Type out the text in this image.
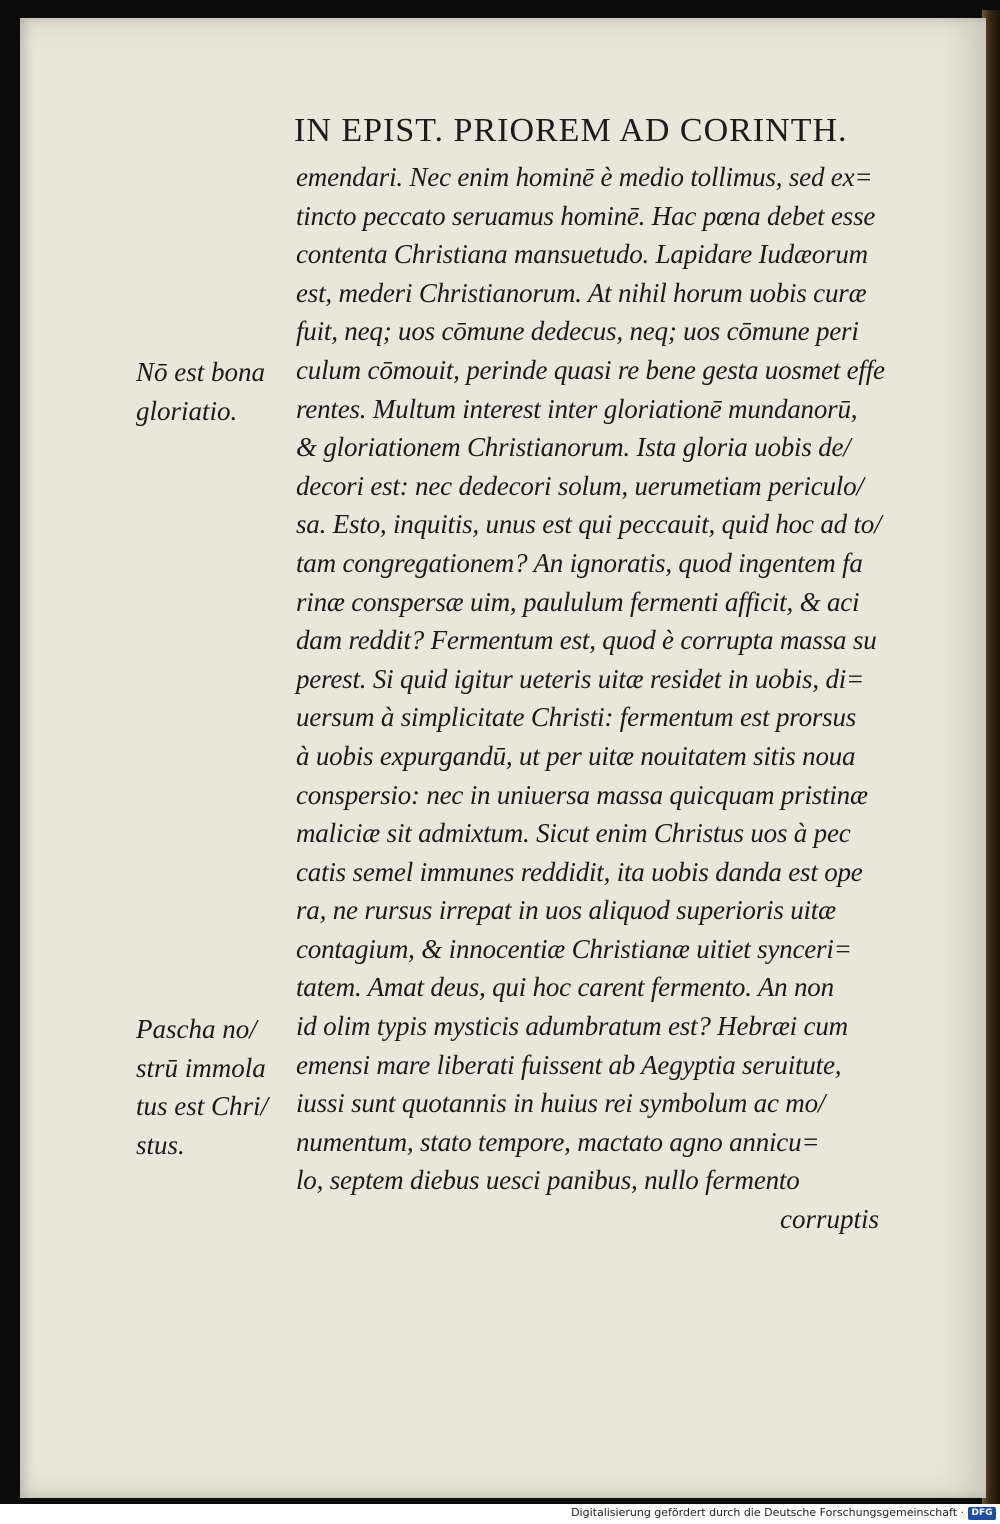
IN EPIST. PRIOREM AD CORINTH.
emendari. Nec enim hominē è medio tollimus, sed ex=
tincto peccato seruamus hominē. Hac pœna debet esse
contenta Christiana mansuetudo. Lapidare Iudæorum
est, mederi Christianorum. At nihil horum uobis curæ
fuit, neq; uos cōmune dedecus, neq; uos cōmune peri
culum cōmouit, perinde quasi re bene gesta uosmet effe
rentes. Multum interest inter gloriationē mundanorū,
& gloriationem Christianorum. Ista gloria uobis de/
decori est: nec dedecori solum, uerumetiam periculo/
sa. Esto, inquitis, unus est qui peccauit, quid hoc ad to/
tam congregationem? An ignoratis, quod ingentem fa
rinæ conspersæ uim, paululum fermenti afficit, & aci
dam reddit? Fermentum est, quod è corrupta massa su
perest. Si quid igitur ueteris uitæ residet in uobis, di=
uersum à simplicitate Christi: fermentum est prorsus
à uobis expurgandū, ut per uitæ nouitatem sitis noua
conspersio: nec in uniuersa massa quicquam pristinæ
maliciæ sit admixtum. Sicut enim Christus uos à pec
catis semel immunes reddidit, ita uobis danda est ope
ra, ne rursus irrepat in uos aliquod superioris uitæ
contagium, & innocentiæ Christianæ uitiet synceri=
tatem. Amat deus, qui hoc carent fermento. An non
id olim typis mysticis adumbratum est? Hebræi cum
emensi mare liberati fuissent ab Aegyptia seruitute,
iussi sunt quotannis in huius rei symbolum ac mo/
numentum, stato tempore, mactato agno annicu=
lo, septem diebus uesci panibus, nullo fermento
corruptis
Nō est bona
gloriatio.
Pascha no/
strū immola
tus est Chri/
stus.
Digitalisierung gefördert durch die Deutsche Forschungsgemeinschaft · DFG
